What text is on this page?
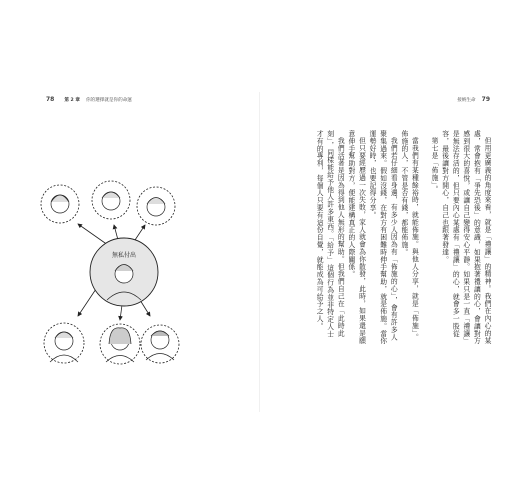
78 第 2 章 你的選擇就是你的命運	接納生命 79
無私付出	但用更廣義的角度來看，就是「禮讓」的精神。我們在內心的某處，常會抱有「爭先恐後」的意識，如果抱著禮讓的心，會讓對方感到很大的喜悅，或讓自己變得安心平靜。如果只是一直「禮讓」是無法存活的，但只要內心某處有「禮讓」的心，就會多一股從容，最後讓對方開心，自己也跟著發達。

第七是「佈施」。

當我們有某種餘裕時，就能佈施。與他人分享，就是「佈施」。佈施的人，不管是否有錢，都能佈施。

我們若仔細看身邊，有多少人因為有「佈施的心」，會有許多人聚集過來。假如沒錢，在對方有困難時伸手幫助，就是佈施。當你運勢好時，也要記得分享。

但只要經歷過一次失敗，家人就會為你散發，此時，如果還是願意伸手幫助對方，便能建構真正的人際關係。

我們活著是因為得到他人無形的幫助。但我們自己在「此時此刻」，同樣能給予他人許多東西。「給予」這個行為並非特定人士才有的專利，每個人只要有這份自覺，就能成為可給予之人。
